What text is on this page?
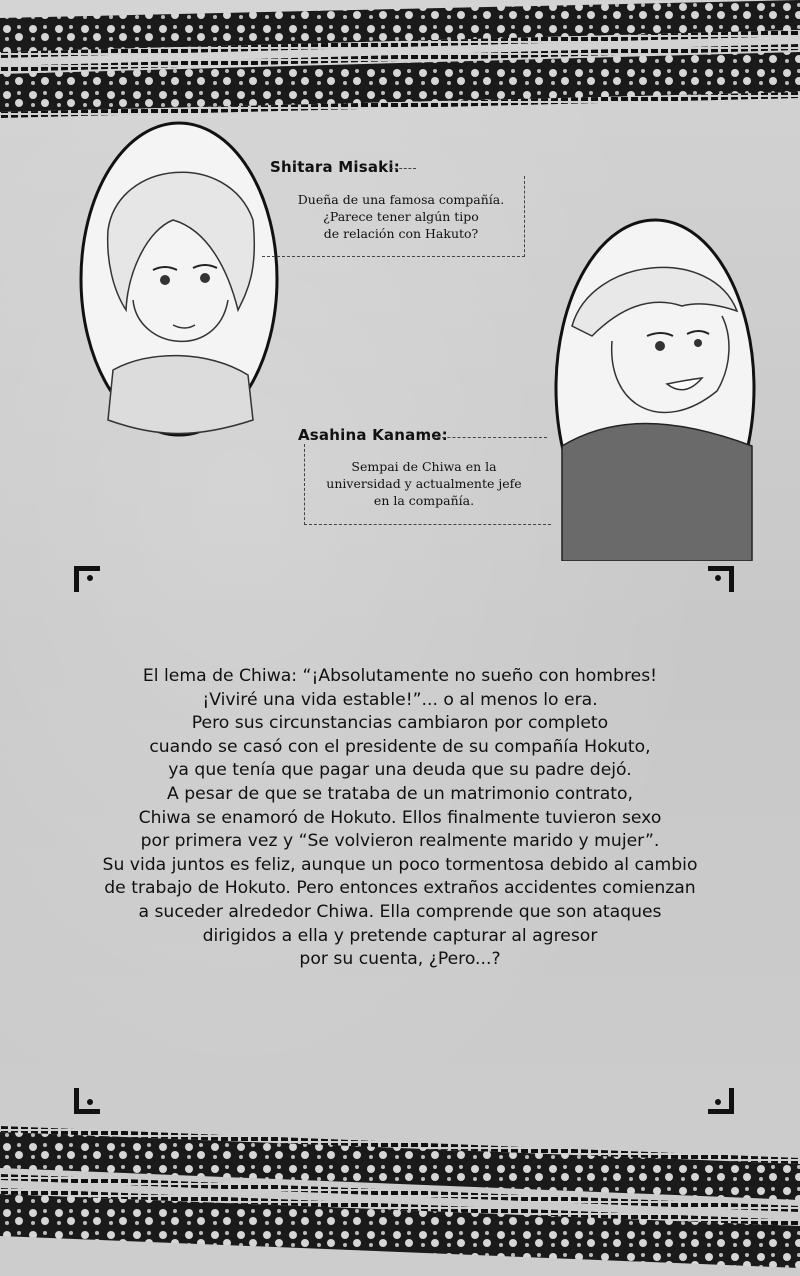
Shitara Misaki:

Dueña de una famosa compañía.

¿Parece tener algún tipo

de relación con Hakuto?

Asahina Kaname:

Sempai de Chiwa en la

universidad y actualmente jefe

en la compañía.

El lema de Chiwa: “¡Absolutamente no sueño con hombres!

¡Viviré una vida estable!”... o al menos lo era.

Pero sus circunstancias cambiaron por completo

cuando se casó con el presidente de su compañía Hokuto,

ya que tenía que pagar una deuda que su padre dejó.

A pesar de que se trataba de un matrimonio contrato,

Chiwa se enamoró de Hokuto. Ellos finalmente tuvieron sexo

por primera vez y “Se volvieron realmente marido y mujer”.

Su vida juntos es feliz, aunque un poco tormentosa debido al cambio

de trabajo de Hokuto. Pero entonces extraños accidentes comienzan

a suceder alrededor Chiwa. Ella comprende que son ataques

dirigidos a ella y pretende capturar al agresor

por su cuenta, ¿Pero...?
